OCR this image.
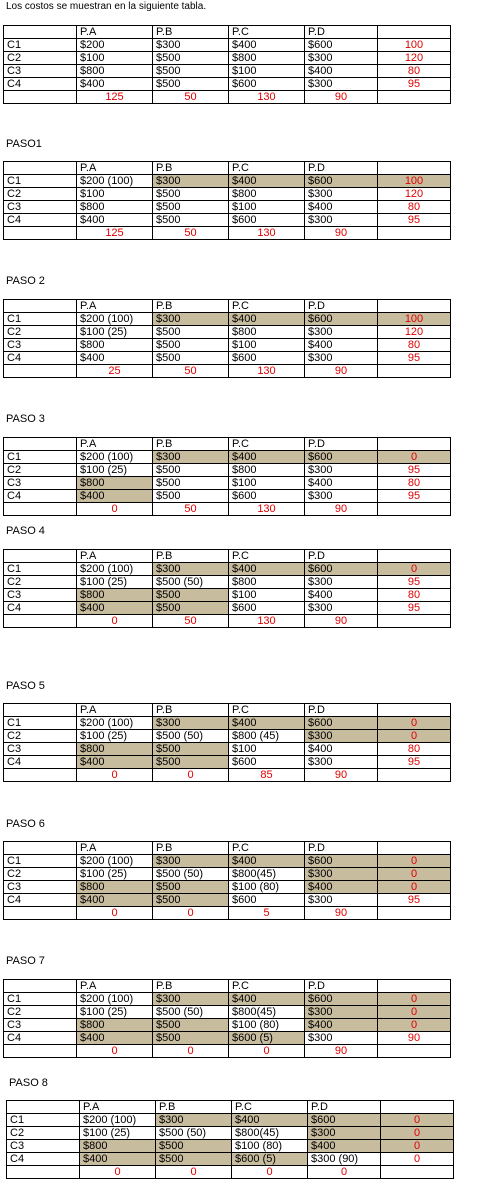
Los costos se muestran en la siguiente tabla.
	P.A	P.B	P.C	P.D	
C1	$200	$300	$400	$600	100
C2	$100	$500	$800	$300	120
C3	$800	$500	$100	$400	80
C4	$400	$500	$600	$300	95
	125	50	130	90	
PASO1
	P.A	P.B	P.C	P.D	
C1	$200 (100)	$300	$400	$600	100
C2	$100	$500	$800	$300	120
C3	$800	$500	$100	$400	80
C4	$400	$500	$600	$300	95
	125	50	130	90	
PASO 2
	P.A	P.B	P.C	P.D	
C1	$200 (100)	$300	$400	$600	100
C2	$100 (25)	$500	$800	$300	120
C3	$800	$500	$100	$400	80
C4	$400	$500	$600	$300	95
	25	50	130	90	
PASO 3
	P.A	P.B	P.C	P.D	
C1	$200 (100)	$300	$400	$600	0
C2	$100 (25)	$500	$800	$300	95
C3	$800	$500	$100	$400	80
C4	$400	$500	$600	$300	95
	0	50	130	90	
PASO 4
	P.A	P.B	P.C	P.D	
C1	$200 (100)	$300	$400	$600	0
C2	$100 (25)	$500 (50)	$800	$300	95
C3	$800	$500	$100	$400	80
C4	$400	$500	$600	$300	95
	0	50	130	90	
PASO 5
	P.A	P.B	P.C	P.D	
C1	$200 (100)	$300	$400	$600	0
C2	$100 (25)	$500 (50)	$800 (45)	$300	0
C3	$800	$500	$100	$400	80
C4	$400	$500	$600	$300	95
	0	0	85	90	
PASO 6
	P.A	P.B	P.C	P.D	
C1	$200 (100)	$300	$400	$600	0
C2	$100 (25)	$500 (50)	$800(45)	$300	0
C3	$800	$500	$100 (80)	$400	0
C4	$400	$500	$600	$300	95
	0	0	5	90	
PASO 7
	P.A	P.B	P.C	P.D	
C1	$200 (100)	$300	$400	$600	0
C2	$100 (25)	$500 (50)	$800(45)	$300	0
C3	$800	$500	$100 (80)	$400	0
C4	$400	$500	$600 (5)	$300	90
	0	0	0	90	
PASO 8
	P.A	P.B	P.C	P.D	
C1	$200 (100)	$300	$400	$600	0
C2	$100 (25)	$500 (50)	$800(45)	$300	0
C3	$800	$500	$100 (80)	$400	0
C4	$400	$500	$600 (5)	$300 (90)	0
	0	0	0	0	
